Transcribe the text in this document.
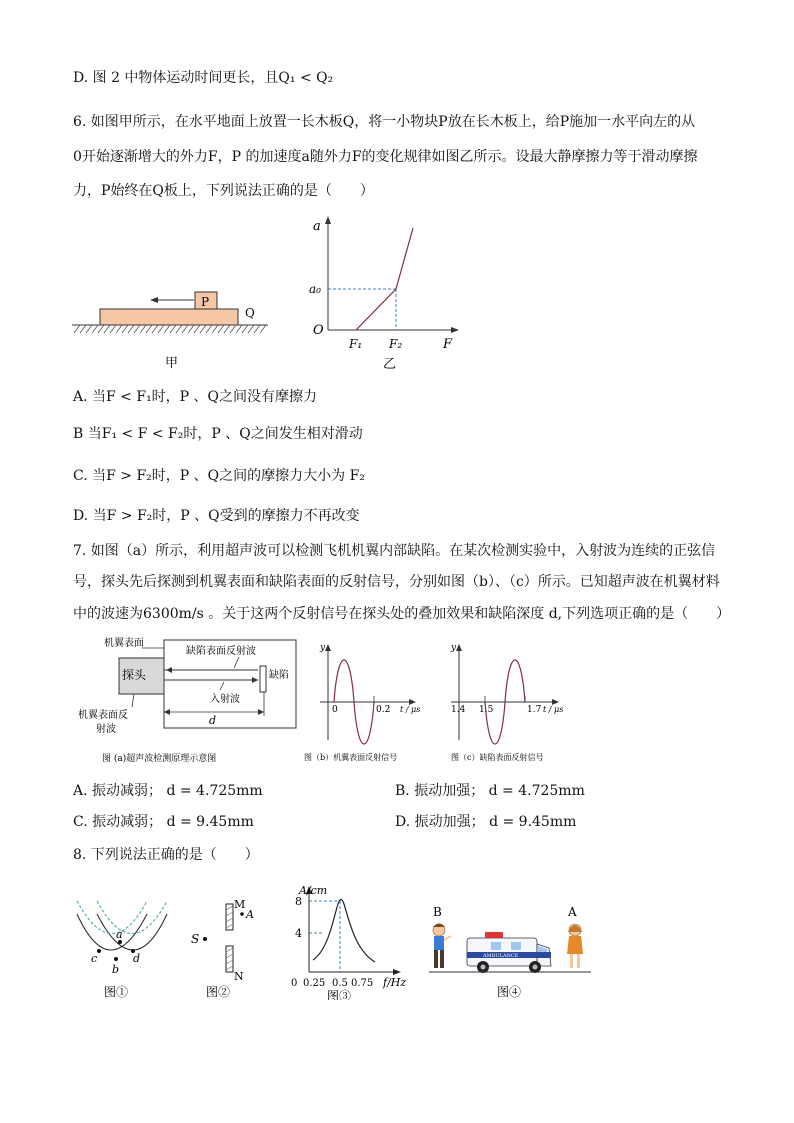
D. 图 2 中物体运动时间更长，且Q₁ < Q₂
6. 如图甲所示，在水平地面上放置一长木板Q，将一小物块P放在长木板上，给P施加一水平向左的从
0开始逐渐增大的外力F，P 的加速度a随外力F的变化规律如图乙所示。设最大静摩擦力等于滑动摩擦
力，P始终在Q板上，下列说法正确的是（　　）
P
Q
甲
a
F
O
a₀
F₁ F₂
乙
A. 当F < F₁时，P 、Q之间没有摩擦力
B 当F₁ < F < F₂时，P 、Q之间发生相对滑动
C. 当F > F₂时，P 、Q之间的摩擦力大小为 F₂
D. 当F > F₂时，P 、Q受到的摩擦力不再改变
7. 如图（a）所示，利用超声波可以检测飞机机翼内部缺陷。在某次检测实验中，入射波为连续的正弦信
号，探头先后探测到机翼表面和缺陷表面的反射信号，分别如图（b）、（c）所示。已知超声波在机翼材料
中的波速为6300m/s 。关于这两个反射信号在探头处的叠加效果和缺陷深度 d,下列选项正确的是（　　）
探头
机翼表面
缺陷表面反射波
缺陷
入射波
机翼表面反
射波
d
图 (a)超声波检测原理示意图
y
0	0.2 t / μs
图（b）机翼表面反射信号
y
1.4 1.5	1.7 t / μs
图（c）缺陷表面反射信号
A. 振动减弱； d = 4.725mm	B. 振动加强； d = 4.725mm
C. 振动减弱； d = 9.45mm	D. 振动加强； d = 9.45mm
8. 下列说法正确的是（　　）
a
b
c	d
图①
S
M
A
N
图②
A/cm
8
4
0 0.25 0.5 0.75 f/Hz
图③
B	A
AMBULANCE
图④
